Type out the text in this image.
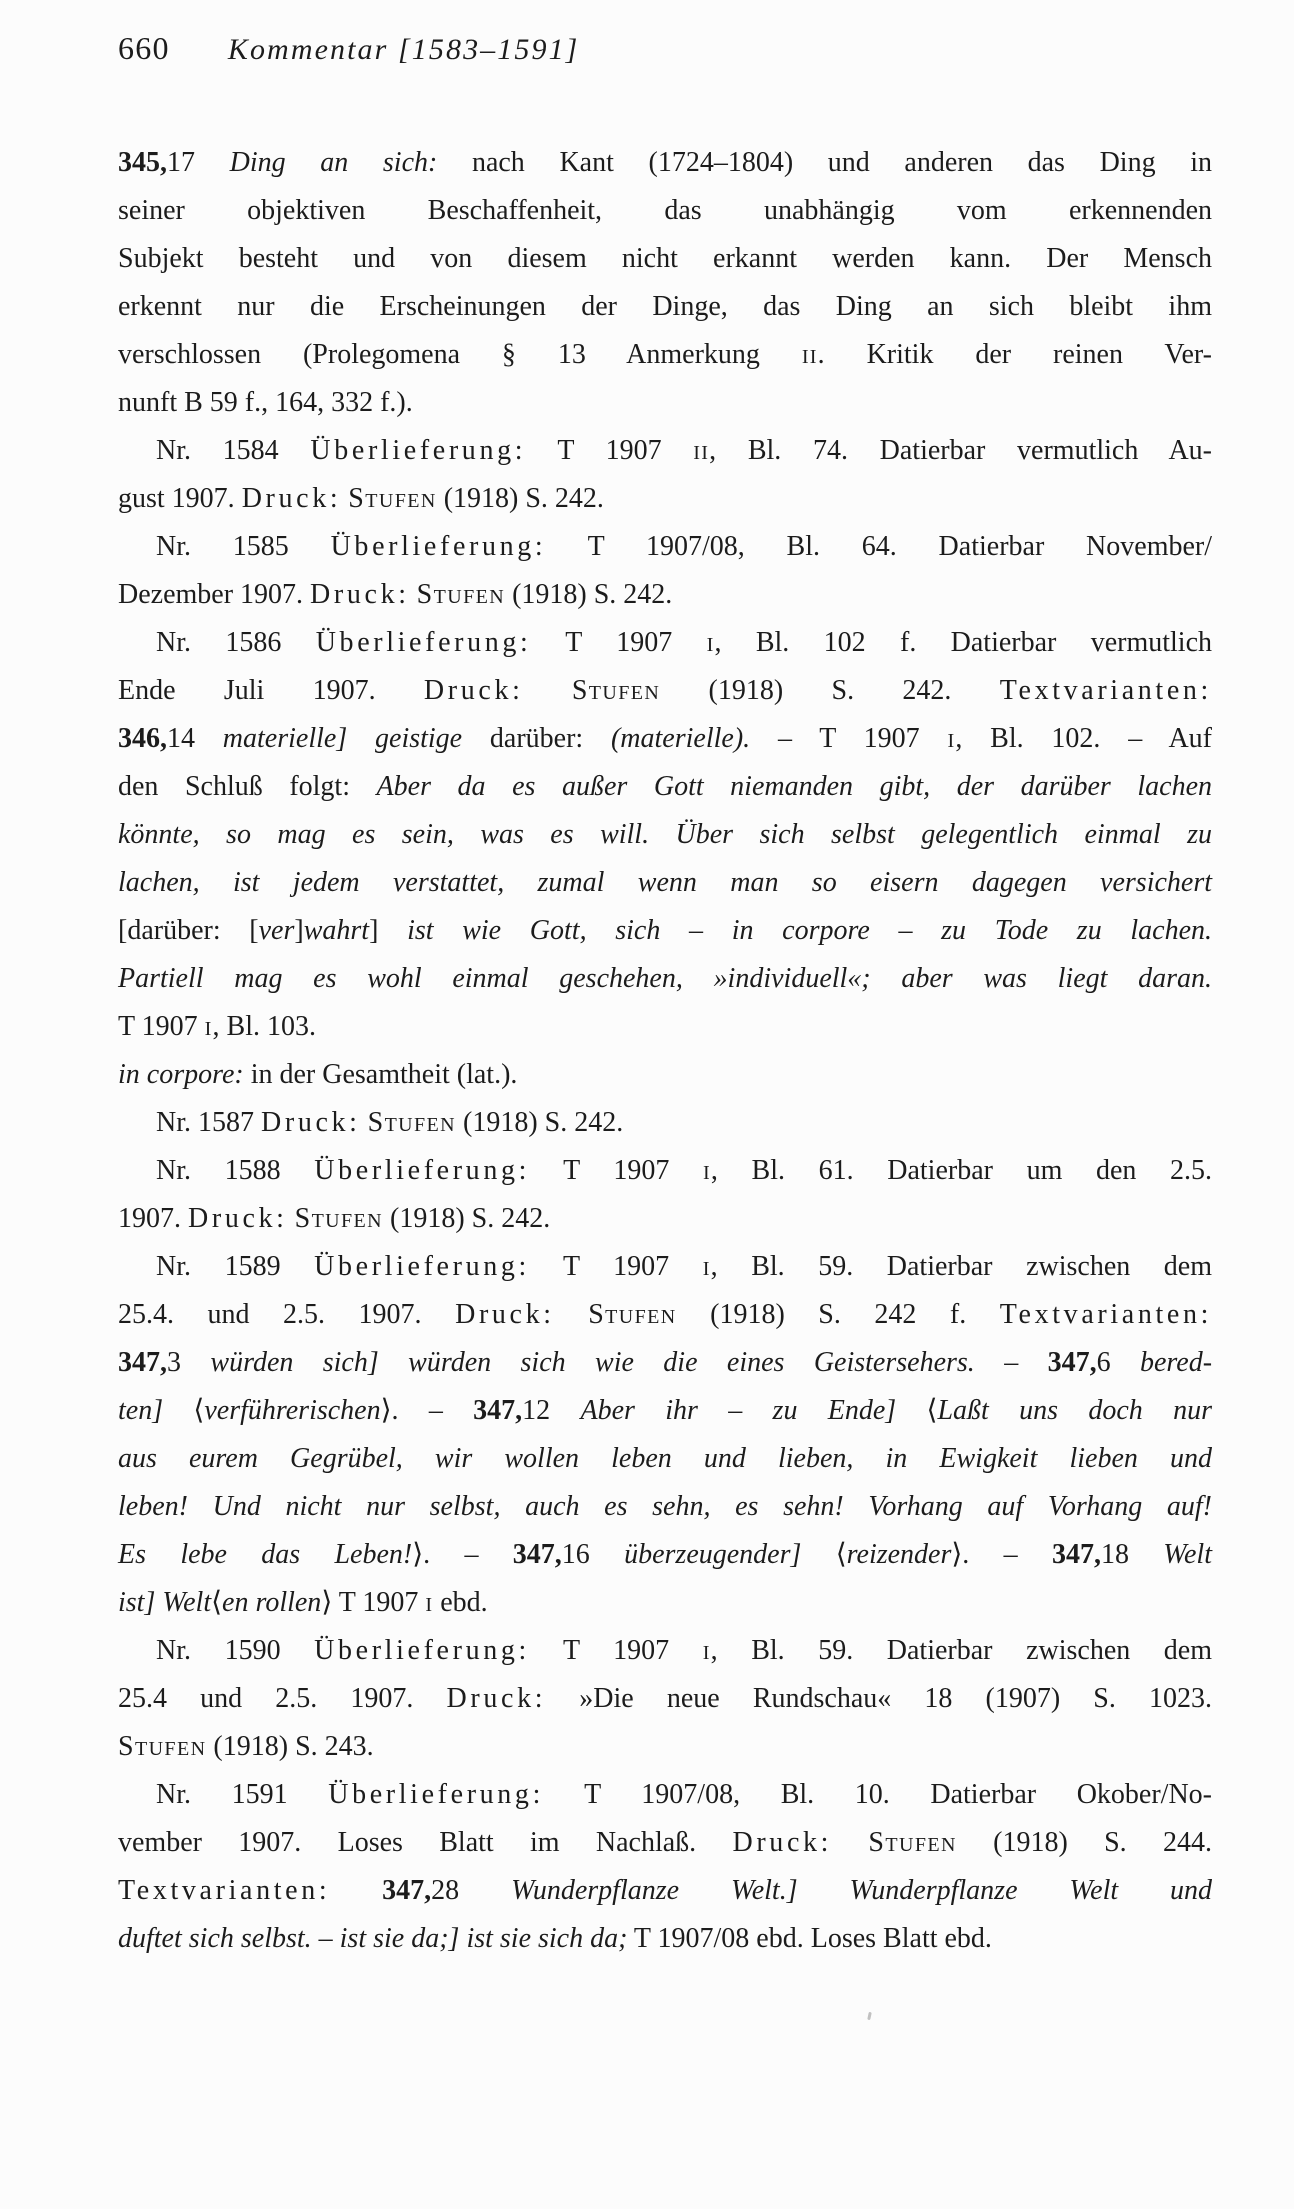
660 Kommentar [1583–1591]
345,17 Ding an sich: nach Kant (1724–1804) und anderen das Ding in
seiner objektiven Beschaffenheit, das unabhängig vom erkennenden
Subjekt besteht und von diesem nicht erkannt werden kann. Der Mensch
erkennt nur die Erscheinungen der Dinge, das Ding an sich bleibt ihm
verschlossen (Prolegomena § 13 Anmerkung II. Kritik der reinen Ver-
nunft B 59 f., 164, 332 f.).
Nr. 1584 Überlieferung: T 1907 II, Bl. 74. Datierbar vermutlich Au-
gust 1907. Druck: Stufen (1918) S. 242.
Nr. 1585 Überlieferung: T 1907/08, Bl. 64. Datierbar November/
Dezember 1907. Druck: Stufen (1918) S. 242.
Nr. 1586 Überlieferung: T 1907 I, Bl. 102 f. Datierbar vermutlich
Ende Juli 1907. Druck: Stufen (1918) S. 242. Textvarianten:
346,14 materielle] geistige darüber: (materielle). – T 1907 I, Bl. 102. – Auf
den Schluß folgt: Aber da es außer Gott niemanden gibt, der darüber lachen
könnte, so mag es sein, was es will. Über sich selbst gelegentlich einmal zu
lachen, ist jedem verstattet, zumal wenn man so eisern dagegen versichert
[darüber: [ver]wahrt] ist wie Gott, sich – in corpore – zu Tode zu lachen.
Partiell mag es wohl einmal geschehen, »individuell«; aber was liegt daran.
T 1907 I, Bl. 103.
in corpore: in der Gesamtheit (lat.).
Nr. 1587 Druck: Stufen (1918) S. 242.
Nr. 1588 Überlieferung: T 1907 I, Bl. 61. Datierbar um den 2.5.
1907. Druck: Stufen (1918) S. 242.
Nr. 1589 Überlieferung: T 1907 I, Bl. 59. Datierbar zwischen dem
25.4. und 2.5. 1907. Druck: Stufen (1918) S. 242 f. Textvarianten:
347,3 würden sich] würden sich wie die eines Geistersehers. – 347,6 bered-
ten] ⟨verführerischen⟩. – 347,12 Aber ihr – zu Ende] ⟨Laßt uns doch nur
aus eurem Gegrübel, wir wollen leben und lieben, in Ewigkeit lieben und
leben! Und nicht nur selbst, auch es sehn, es sehn! Vorhang auf Vorhang auf!
Es lebe das Leben!⟩. – 347,16 überzeugender] ⟨reizender⟩. – 347,18 Welt
ist] Welt⟨en rollen⟩ T 1907 I ebd.
Nr. 1590 Überlieferung: T 1907 I, Bl. 59. Datierbar zwischen dem
25.4 und 2.5. 1907. Druck: »Die neue Rundschau« 18 (1907) S. 1023.
Stufen (1918) S. 243.
Nr. 1591 Überlieferung: T 1907/08, Bl. 10. Datierbar Okober/No-
vember 1907. Loses Blatt im Nachlaß. Druck: Stufen (1918) S. 244.
Textvarianten: 347,28 Wunderpflanze Welt.] Wunderpflanze Welt und
duftet sich selbst. – ist sie da;] ist sie sich da; T 1907/08 ebd. Loses Blatt ebd.
